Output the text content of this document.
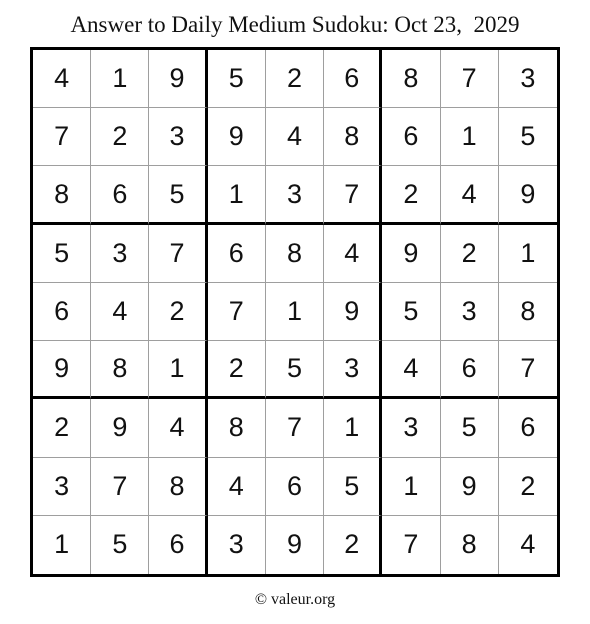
Answer to Daily Medium Sudoku: Oct 23,  2029
4	1	9	5	2	6	8	7	3
7	2	3	9	4	8	6	1	5
8	6	5	1	3	7	2	4	9
5	3	7	6	8	4	9	2	1
6	4	2	7	1	9	5	3	8
9	8	1	2	5	3	4	6	7
2	9	4	8	7	1	3	5	6
3	7	8	4	6	5	1	9	2
1	5	6	3	9	2	7	8	4
© valeur.org
